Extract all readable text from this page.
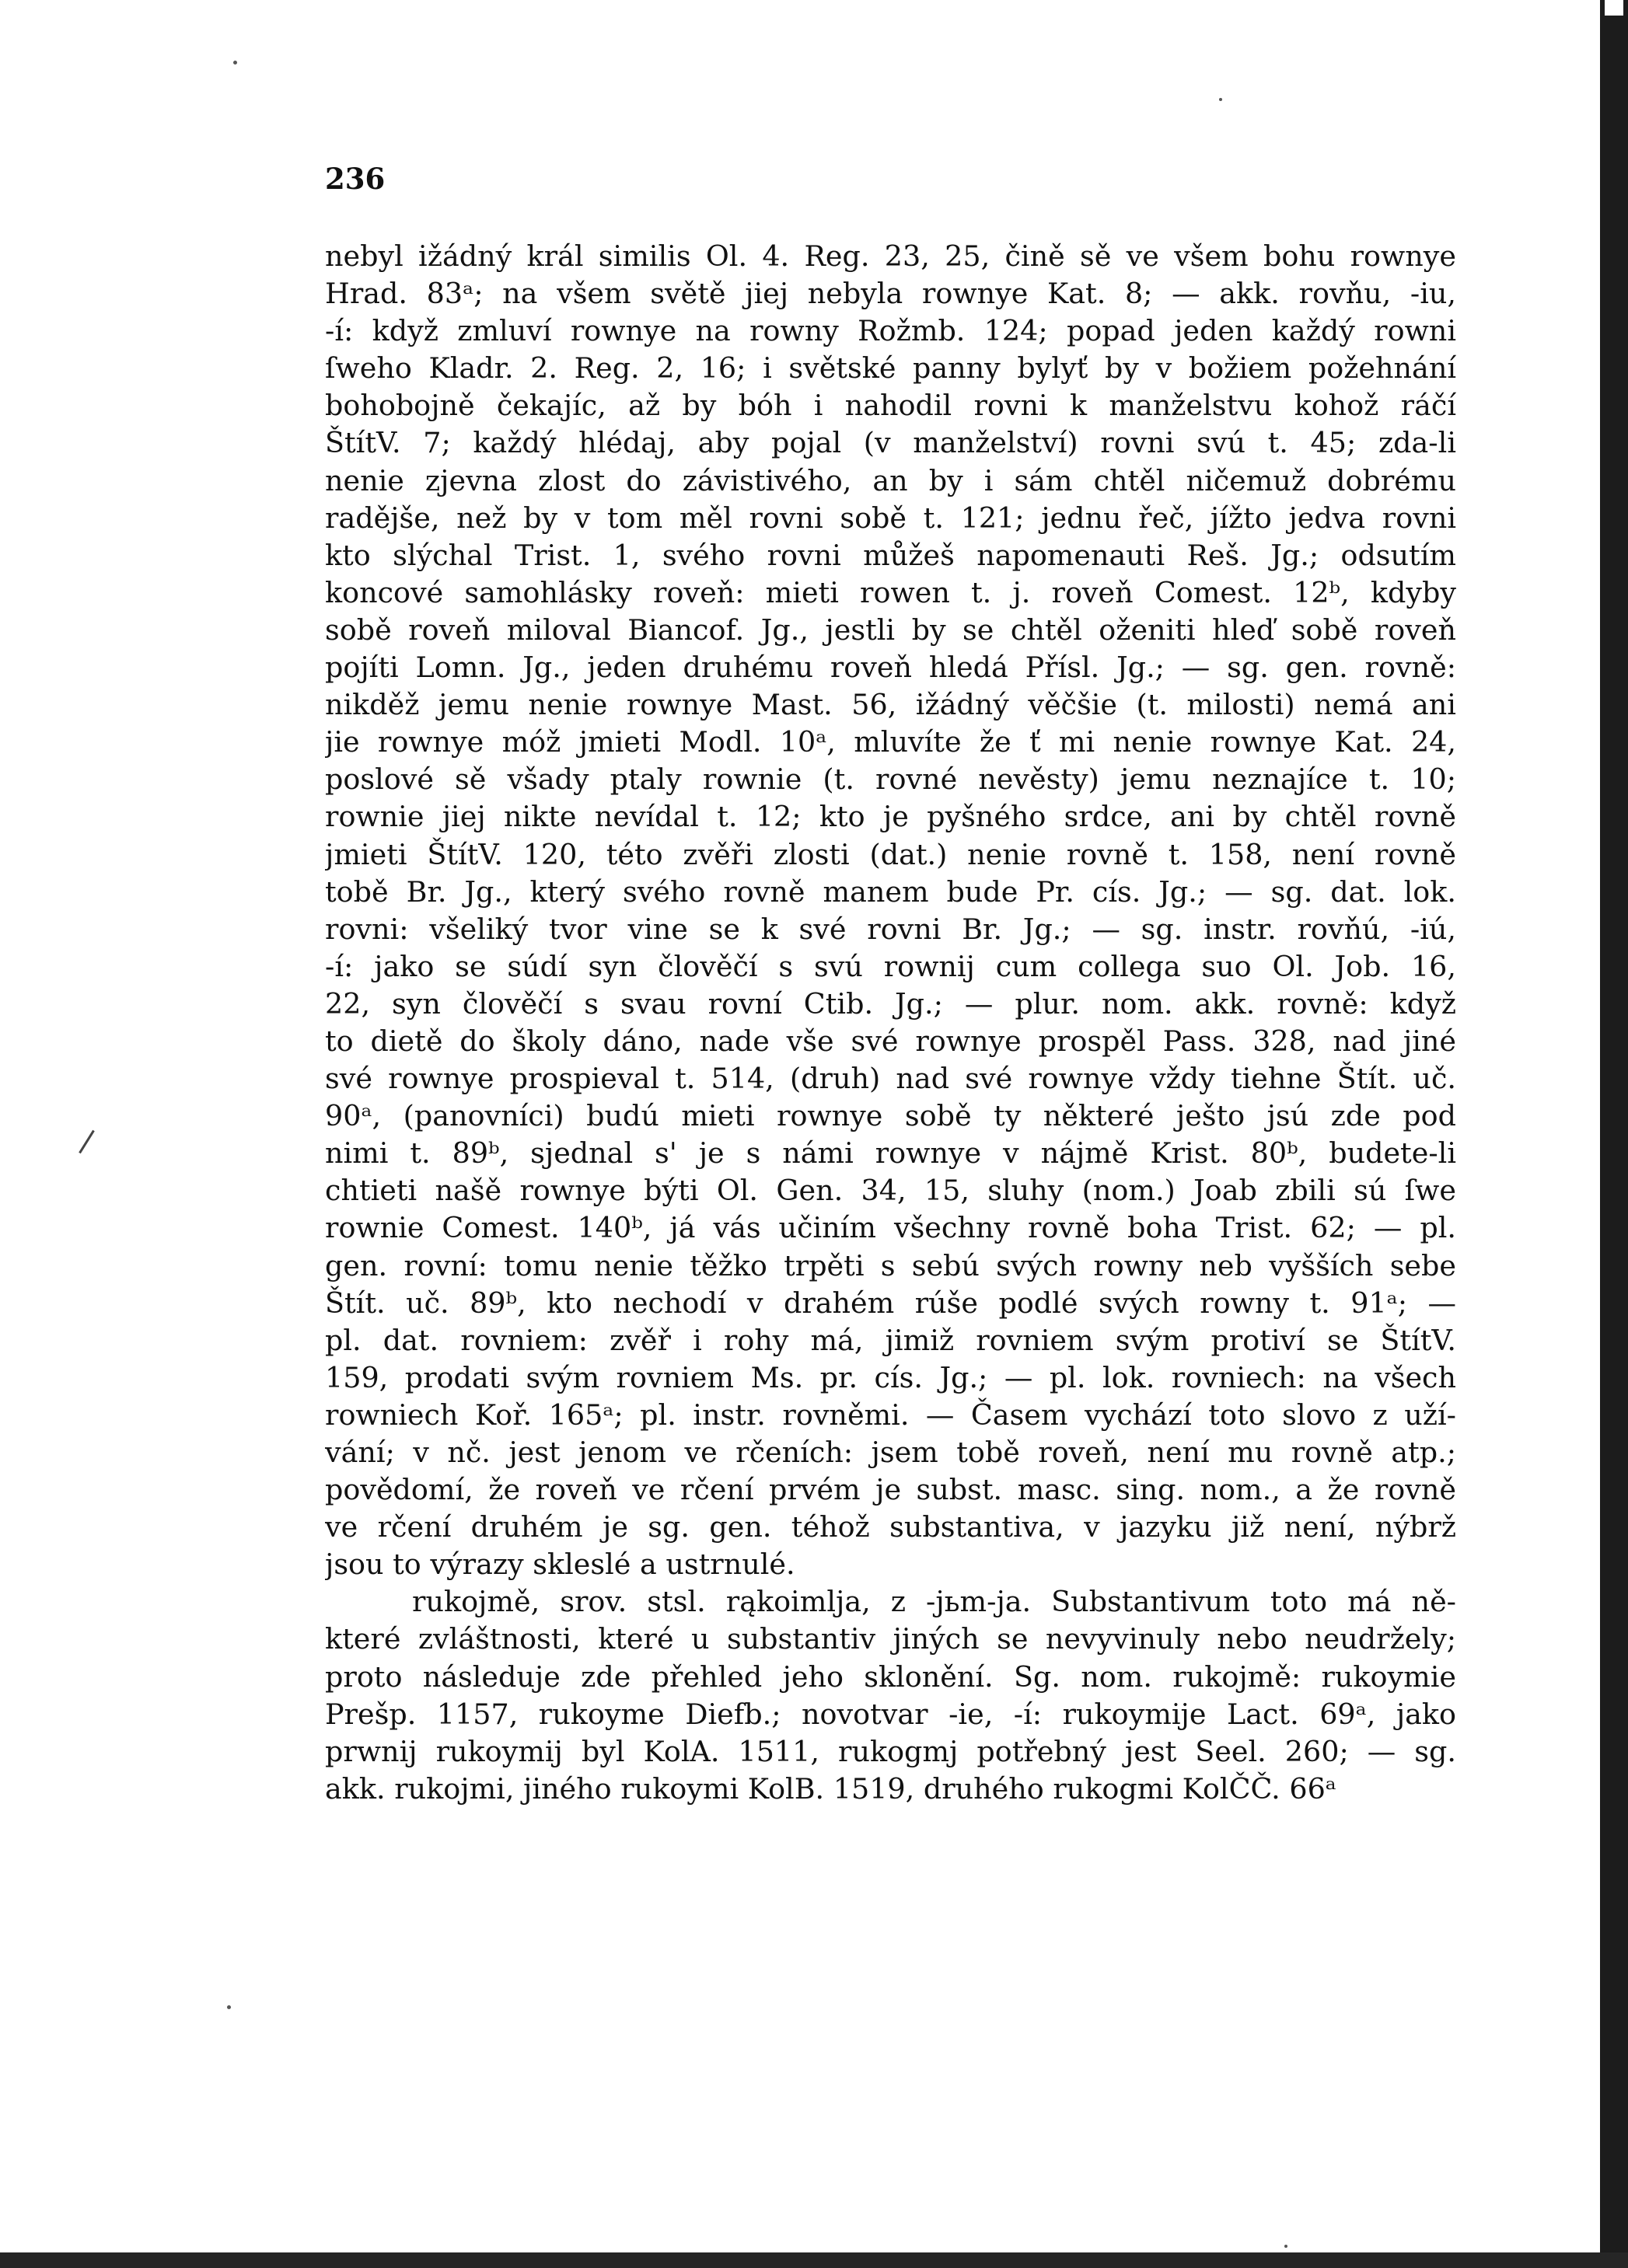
236
nebyl ižádný král similis Ol. 4. Reg. 23, 25, čině sě ve všem bohu rownye
Hrad. 83ᵃ; na všem světě jiej nebyla rownye Kat. 8; — akk. rovňu, -iu,
-í: když zmluví rownye na rowny Rožmb. 124; popad jeden každý rowni
ſweho Kladr. 2. Reg. 2, 16; i světské panny bylyť by v božiem požehnání
bohobojně čekajíc, až by bóh i nahodil rovni k manželstvu kohož ráčí
ŠtítV. 7; každý hlédaj, aby pojal (v manželství) rovni svú t. 45; zda-li
nenie zjevna zlost do závistivého, an by i sám chtěl ničemuž dobrému
radějše, než by v tom měl rovni sobě t. 121; jednu řeč, jížto jedva rovni
kto slýchal Trist. 1, svého rovni můžeš napomenauti Reš. Jg.; odsutím
koncové samohlásky roveň: mieti rowen t. j. roveň Comest. 12ᵇ, kdyby
sobě roveň miloval Biancof. Jg., jestli by se chtěl oženiti hleď sobě roveň
pojíti Lomn. Jg., jeden druhému roveň hledá Přísl. Jg.; — sg. gen. rovně:
nikděž jemu nenie rownye Mast. 56, ižádný věčšie (t. milosti) nemá ani
jie rownye móž jmieti Modl. 10ᵃ, mluvíte že ť mi nenie rownye Kat. 24,
poslové sě všady ptaly rownie (t. rovné nevěsty) jemu neznajíce t. 10;
rownie jiej nikte nevídal t. 12; kto je pyšného srdce, ani by chtěl rovně
jmieti ŠtítV. 120, této zvěři zlosti (dat.) nenie rovně t. 158, není rovně
tobě Br. Jg., který svého rovně manem bude Pr. cís. Jg.; — sg. dat. lok.
rovni: všeliký tvor vine se k své rovni Br. Jg.; — sg. instr. rovňú, -iú,
-í: jako se súdí syn člověčí s svú rownij cum collega suo Ol. Job. 16,
22, syn člověčí s svau rovní Ctib. Jg.; — plur. nom. akk. rovně: když
to dietě do školy dáno, nade vše své rownye prospěl Pass. 328, nad jiné
své rownye prospieval t. 514, (druh) nad své rownye vždy tiehne Štít. uč.
90ᵃ, (panovníci) budú mieti rownye sobě ty některé ješto jsú zde pod
nimi t. 89ᵇ, sjednal s' je s námi rownye v nájmě Krist. 80ᵇ, budete-li
chtieti našě rownye býti Ol. Gen. 34, 15, sluhy (nom.) Joab zbili sú ſwe
rownie Comest. 140ᵇ, já vás učiním všechny rovně boha Trist. 62; — pl.
gen. rovní: tomu nenie těžko trpěti s sebú svých rowny neb vyšších sebe
Štít. uč. 89ᵇ, kto nechodí v drahém rúše podlé svých rowny t. 91ᵃ; —
pl. dat. rovniem: zvěř i rohy má, jimiž rovniem svým protiví se ŠtítV.
159, prodati svým rovniem Ms. pr. cís. Jg.; — pl. lok. rovniech: na všech
rowniech Koř. 165ᵃ; pl. instr. rovněmi. — Časem vychází toto slovo z uží-
vání; v nč. jest jenom ve rčeních: jsem tobě roveň, není mu rovně atp.;
povědomí, že roveň ve rčení prvém je subst. masc. sing. nom., a že rovně
ve rčení druhém je sg. gen. téhož substantiva, v jazyku již není, nýbrž
jsou to výrazy skleslé a ustrnulé.
rukojmě, srov. stsl. rąkoimlja, z -jьm-ja. Substantivum toto má ně-
které zvláštnosti, které u substantiv jiných se nevyvinuly nebo neudržely;
proto následuje zde přehled jeho sklonění. Sg. nom. rukojmě: rukoymie
Prešp. 1157, rukoyme Diefb.; novotvar -ie, -í: rukoymije Lact. 69ᵃ, jako
prwnij rukoymij byl KolA. 1511, rukogmj potřebný jest Seel. 260; — sg.
akk. rukojmi, jiného rukoymi KolB. 1519, druhého rukogmi KolČČ. 66ᵃ
